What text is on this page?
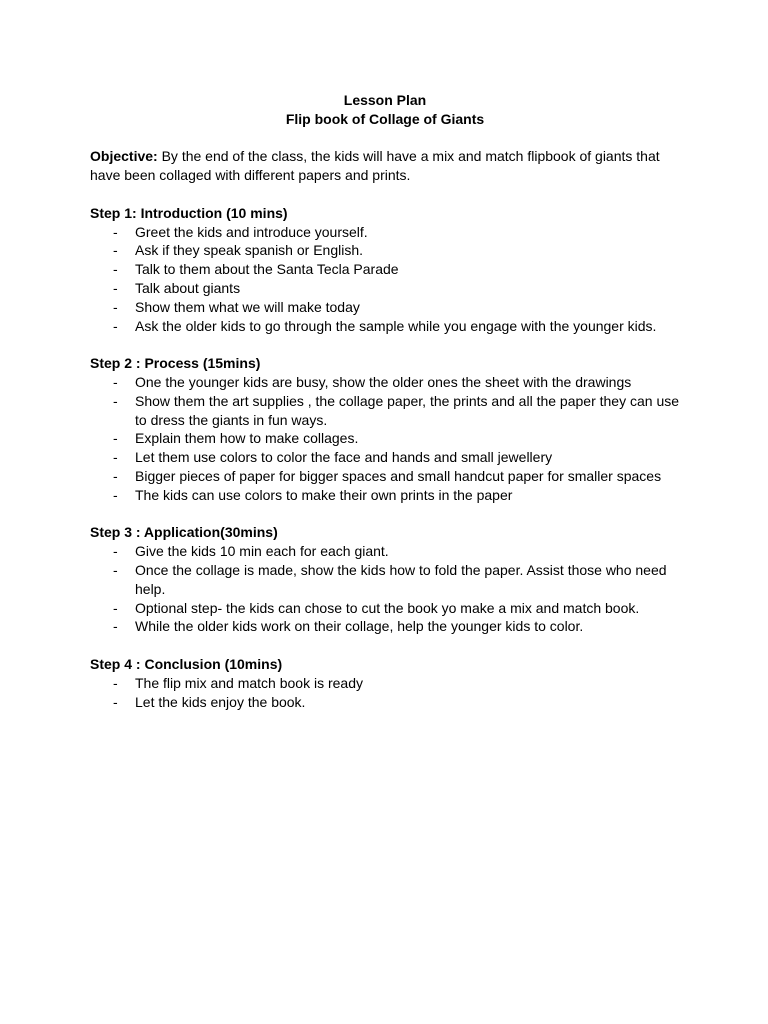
Lesson Plan

Flip book of Collage of Giants

Objective: By the end of the class, the kids will have a mix and match flipbook of giants that have been collaged with different papers and prints.

Step 1: Introduction (10 mins)

- Greet the kids and introduce yourself.
- Ask if they speak spanish or English.
- Talk to them about the Santa Tecla Parade
- Talk about giants
- Show them what we will make today
- Ask the older kids to go through the sample while you engage with the younger kids.

Step 2 : Process (15mins)

- One the younger kids are busy, show the older ones the sheet with the drawings
- Show them the art supplies , the collage paper, the prints and all the paper they can use to dress the giants in fun ways.
- Explain them how to make collages.
- Let them use colors to color the face and hands and small jewellery
- Bigger pieces of paper for bigger spaces and small handcut paper for smaller spaces
- The kids can use colors to make their own prints in the paper

Step 3 : Application(30mins)

- Give the kids 10 min each for each giant.
- Once the collage is made, show the kids how to fold the paper. Assist those who need help.
- Optional step- the kids can chose to cut the book yo make a mix and match book.
- While the older kids work on their collage, help the younger kids to color.

Step 4 : Conclusion (10mins)

- The flip mix and match book is ready
- Let the kids enjoy the book.
